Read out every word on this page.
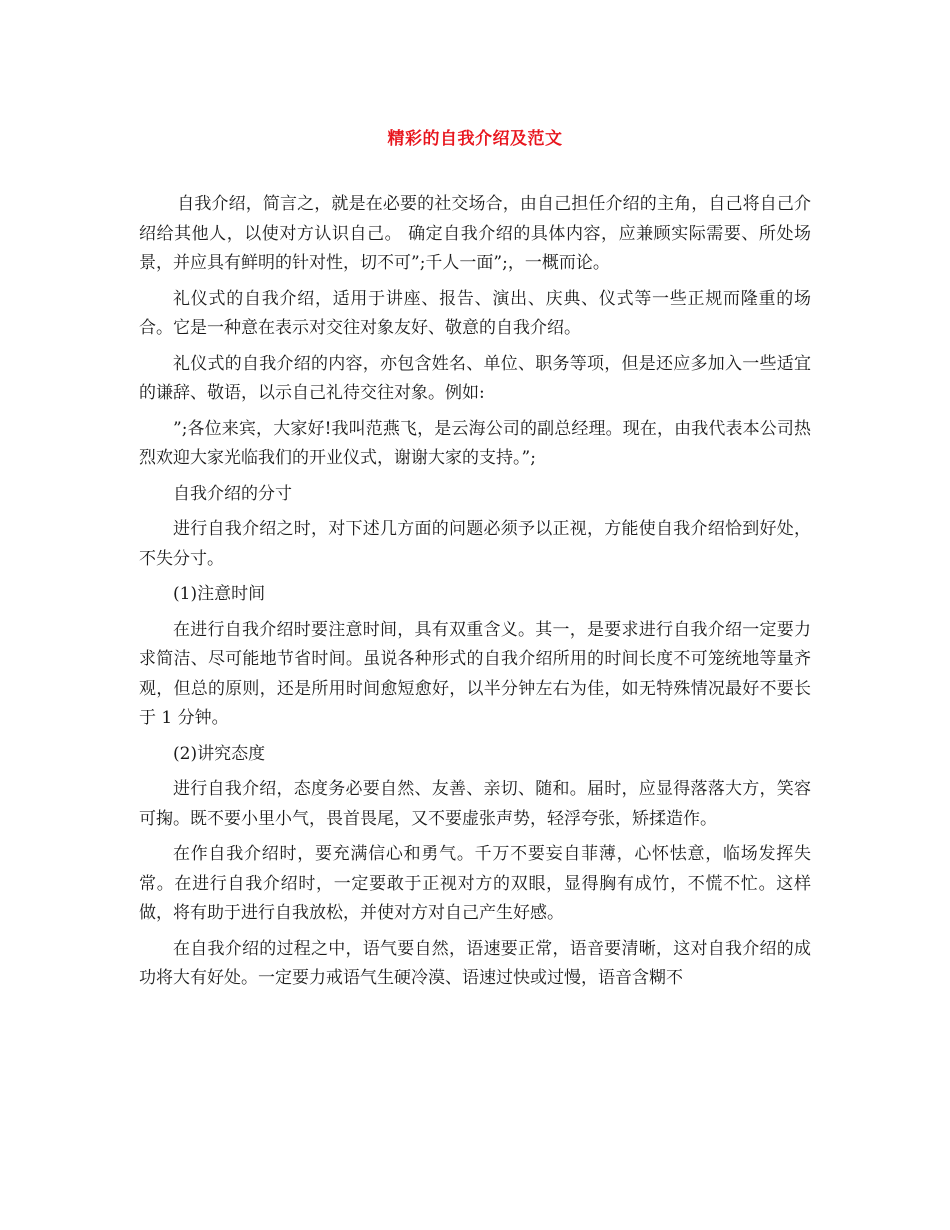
精彩的自我介绍及范文

自我介绍，简言之，就是在必要的社交场合，由自己担任介绍的主角，自己将自己介绍给其他人，以使对方认识自己。 确定自我介绍的具体内容，应兼顾实际需要、所处场景，并应具有鲜明的针对性，切不可”;千人一面”;，一概而论。

礼仪式的自我介绍，适用于讲座、报告、演出、庆典、仪式等一些正规而隆重的场合。它是一种意在表示对交往对象友好、敬意的自我介绍。

礼仪式的自我介绍的内容，亦包含姓名、单位、职务等项，但是还应多加入一些适宜的谦辞、敬语，以示自己礼待交往对象。例如:

”;各位来宾，大家好!我叫范燕飞，是云海公司的副总经理。现在，由我代表本公司热烈欢迎大家光临我们的开业仪式，谢谢大家的支持。”;

自我介绍的分寸

进行自我介绍之时，对下述几方面的问题必须予以正视，方能使自我介绍恰到好处，不失分寸。

(1)注意时间

在进行自我介绍时要注意时间，具有双重含义。其一，是要求进行自我介绍一定要力求简洁、尽可能地节省时间。虽说各种形式的自我介绍所用的时间长度不可笼统地等量齐观，但总的原则，还是所用时间愈短愈好，以半分钟左右为佳，如无特殊情况最好不要长于 1 分钟。

(2)讲究态度

进行自我介绍，态度务必要自然、友善、亲切、随和。届时，应显得落落大方，笑容可掬。既不要小里小气，畏首畏尾，又不要虚张声势，轻浮夸张，矫揉造作。

在作自我介绍时，要充满信心和勇气。千万不要妄自菲薄，心怀怯意，临场发挥失常。在进行自我介绍时，一定要敢于正视对方的双眼，显得胸有成竹，不慌不忙。这样做，将有助于进行自我放松，并使对方对自己产生好感。

在自我介绍的过程之中，语气要自然，语速要正常，语音要清晰，这对自我介绍的成功将大有好处。一定要力戒语气生硬冷漠、语速过快或过慢，语音含糊不
